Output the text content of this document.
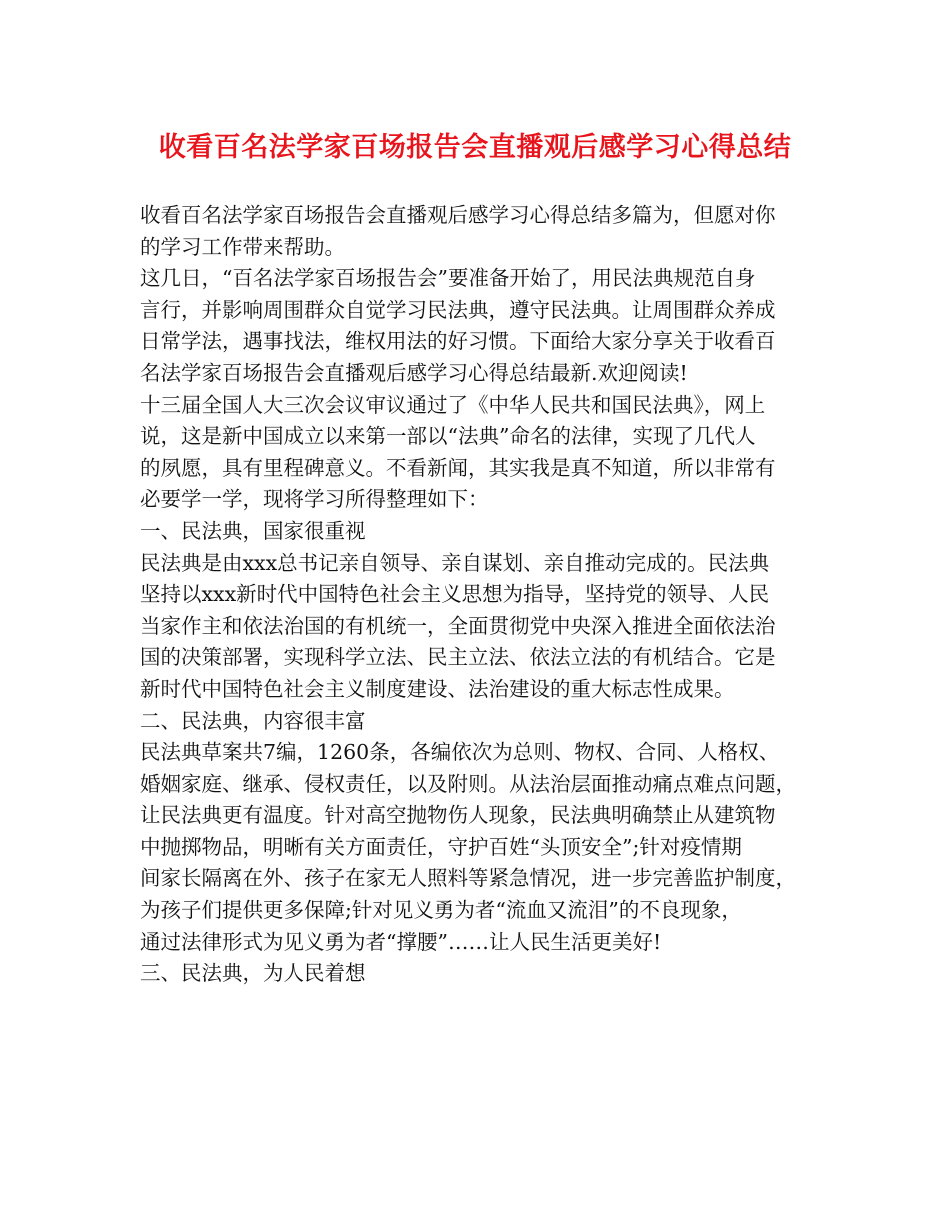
收看百名法学家百场报告会直播观后感学习心得总结
收看百名法学家百场报告会直播观后感学习心得总结多篇为，但愿对你
的学习工作带来帮助。
这几日，“百名法学家百场报告会”要准备开始了，用民法典规范自身
言行，并影响周围群众自觉学习民法典，遵守民法典。让周围群众养成
日常学法，遇事找法，维权用法的好习惯。下面给大家分享关于收看百
名法学家百场报告会直播观后感学习心得总结最新.欢迎阅读!
十三届全国人大三次会议审议通过了《中华人民共和国民法典》，网上
说，这是新中国成立以来第一部以“法典”命名的法律，实现了几代人
的夙愿，具有里程碑意义。不看新闻，其实我是真不知道，所以非常有
必要学一学，现将学习所得整理如下：
一、民法典，国家很重视
民法典是由xxx总书记亲自领导、亲自谋划、亲自推动完成的。民法典
坚持以xxx新时代中国特色社会主义思想为指导，坚持党的领导、人民
当家作主和依法治国的有机统一，全面贯彻党中央深入推进全面依法治
国的决策部署，实现科学立法、民主立法、依法立法的有机结合。它是
新时代中国特色社会主义制度建设、法治建设的重大标志性成果。
二、民法典，内容很丰富
民法典草案共7编，1260条，各编依次为总则、物权、合同、人格权、
婚姻家庭、继承、侵权责任，以及附则。从法治层面推动痛点难点问题，
让民法典更有温度。针对高空抛物伤人现象，民法典明确禁止从建筑物
中抛掷物品，明晰有关方面责任，守护百姓“头顶安全”;针对疫情期
间家长隔离在外、孩子在家无人照料等紧急情况，进一步完善监护制度，
为孩子们提供更多保障;针对见义勇为者“流血又流泪”的不良现象，
通过法律形式为见义勇为者“撑腰”……让人民生活更美好!
三、民法典，为人民着想
